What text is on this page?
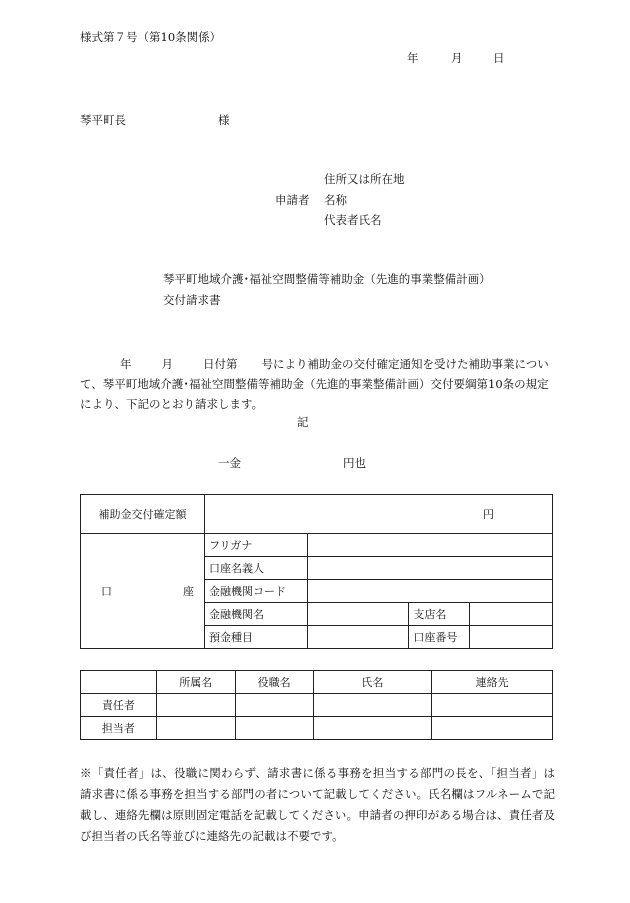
様式第７号（第10条関係）
年	月	日
琴平町長	様
住所又は所在地
申請者 名称
代表者氏名
琴平町地域介護･福祉空間整備等補助金（先進的事業整備計画）
交付請求書
年	月	日付第 号により補助金の交付確定通知を受けた補助事業について、琴平町地域介護･福祉空間整備等補助金（先進的事業整備計画）交付要綱第10条の規定により、下記のとおり請求します。
記
一金	円也
補助金交付確定額	円			
口 座	フリガナ			
	口座名義人			
	金融機関コード			
	金融機関名		支店名	
	預金種目		口座番号	
	所属名	役職名	氏名	連絡先
責任者				
担当者				
※「責任者」は、役職に関わらず、請求書に係る事務を担当する部門の長を、「担当者」は請求書に係る事務を担当する部門の者について記載してください。氏名欄はフルネームで記載し、連絡先欄は原則固定電話を記載してください。申請者の押印がある場合は、責任者及び担当者の氏名等並びに連絡先の記載は不要です。
